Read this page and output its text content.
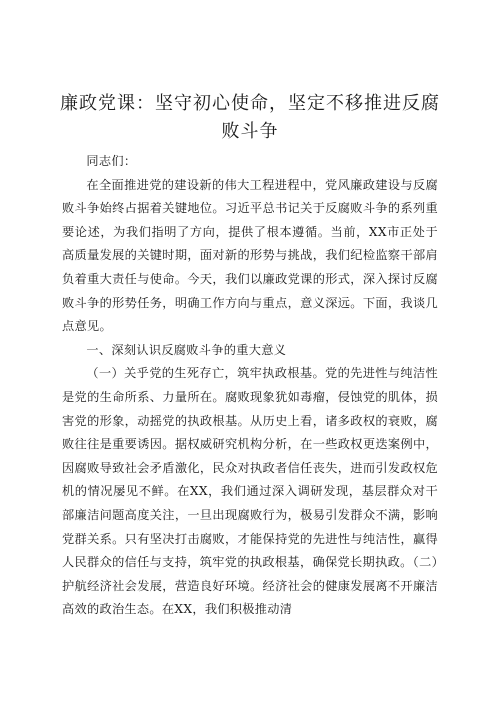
廉政党课：坚守初心使命，坚定不移推进反腐败斗争

同志们：

在全面推进党的建设新的伟大工程进程中，党风廉政建设与反腐败斗争始终占据着关键地位。习近平总书记关于反腐败斗争的系列重要论述，为我们指明了方向，提供了根本遵循。当前，XX市正处于高质量发展的关键时期，面对新的形势与挑战，我们纪检监察干部肩负着重大责任与使命。今天，我们以廉政党课的形式，深入探讨反腐败斗争的形势任务，明确工作方向与重点，意义深远。下面，我谈几点意见。

一、深刻认识反腐败斗争的重大意义

（一）关乎党的生死存亡，筑牢执政根基。党的先进性与纯洁性是党的生命所系、力量所在。腐败现象犹如毒瘤，侵蚀党的肌体，损害党的形象，动摇党的执政根基。从历史上看，诸多政权的衰败，腐败往往是重要诱因。据权威研究机构分析，在一些政权更迭案例中，因腐败导致社会矛盾激化，民众对执政者信任丧失，进而引发政权危机的情况屡见不鲜。在XX，我们通过深入调研发现，基层群众对干部廉洁问题高度关注，一旦出现腐败行为，极易引发群众不满，影响党群关系。只有坚决打击腐败，才能保持党的先进性与纯洁性，赢得人民群众的信任与支持，筑牢党的执政根基，确保党长期执政。（二）护航经济社会发展，营造良好环境。经济社会的健康发展离不开廉洁高效的政治生态。在XX，我们积极推动清
